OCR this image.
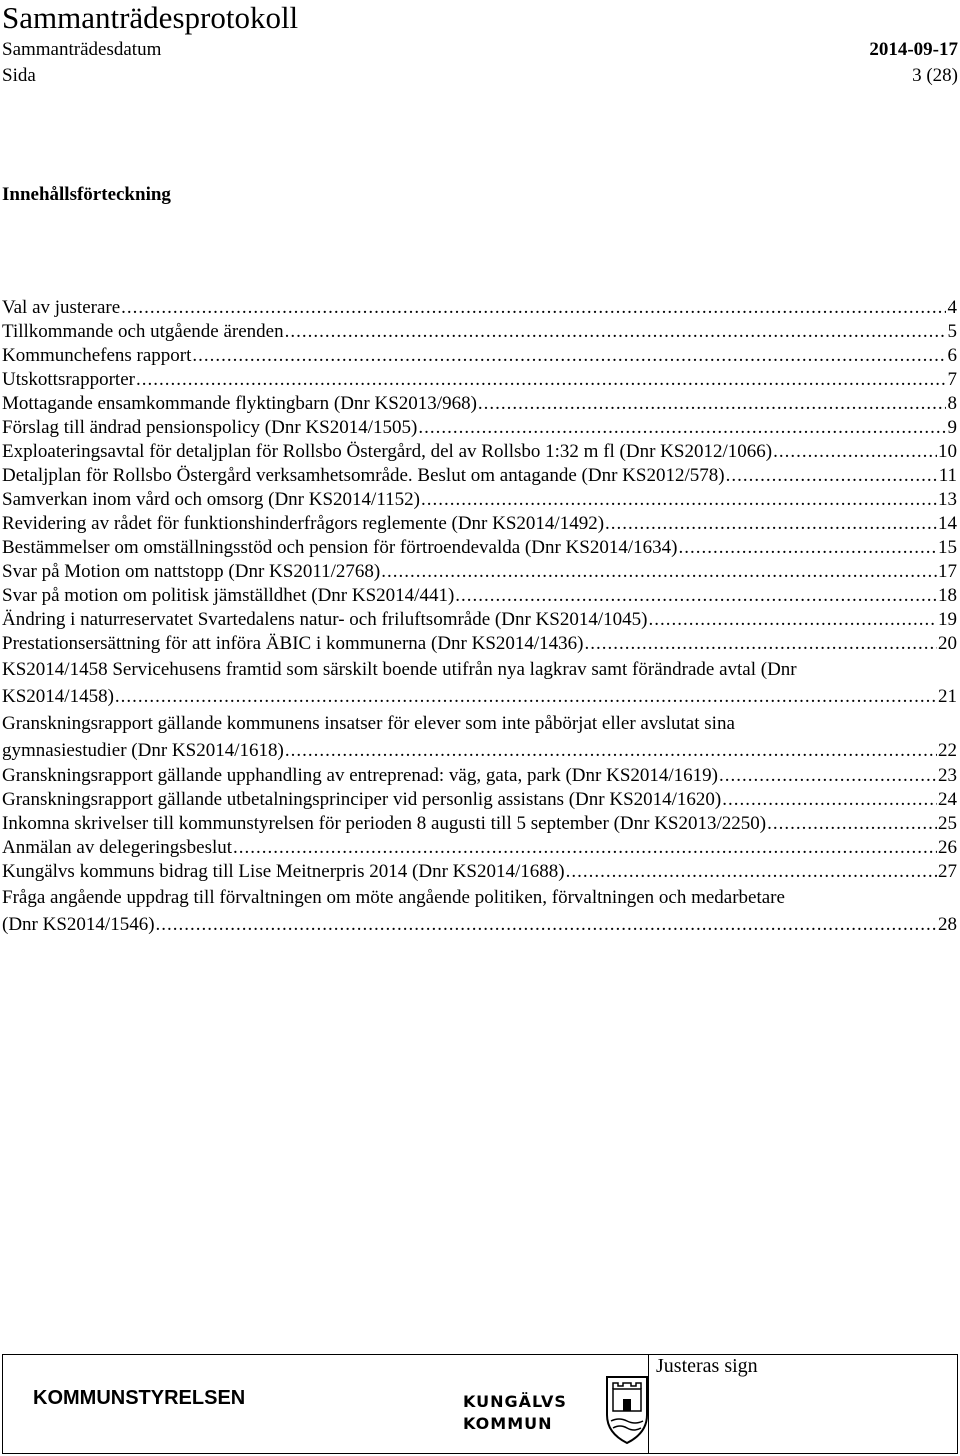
Sammanträdesprotokoll
Sammanträdesdatum	2014-09-17
Sida	3 (28)
Innehållsförteckning
Val av justerare .....	4
Tillkommande och utgående ärenden .....	5
Kommunchefens rapport .....	6
Utskottsrapporter .....	7
Mottagande ensamkommande flyktingbarn (Dnr KS2013/968) .....	8
Förslag till ändrad pensionspolicy (Dnr KS2014/1505) .....	9
Exploateringsavtal för detaljplan för Rollsbo Östergård, del av Rollsbo 1:32 m fl (Dnr KS2012/1066) .....	10
Detaljplan för Rollsbo Östergård verksamhetsområde. Beslut om antagande (Dnr KS2012/578) .....	11
Samverkan inom vård och omsorg (Dnr KS2014/1152) .....	13
Revidering av rådet för funktionshinderfrågors reglemente (Dnr KS2014/1492) .....	14
Bestämmelser om omställningsstöd och pension för förtroendevalda (Dnr KS2014/1634) .....	15
Svar på Motion om nattstopp (Dnr KS2011/2768) .....	17
Svar på motion om politisk jämställdhet (Dnr KS2014/441) .....	18
Ändring i naturreservatet Svartedalens natur- och friluftsområde (Dnr KS2014/1045) .....	19
Prestationsersättning för att införa ÄBIC i kommunerna (Dnr KS2014/1436) .....	20
KS2014/1458 Servicehusens framtid som särskilt boende utifrån nya lagkrav samt förändrade avtal (Dnr
KS2014/1458) .....	21
Granskningsrapport gällande kommunens insatser för elever som inte påbörjat eller avslutat sina
gymnasiestudier (Dnr KS2014/1618) .....	22
Granskningsrapport gällande upphandling av entreprenad: väg, gata, park (Dnr KS2014/1619) .....	23
Granskningsrapport gällande utbetalningsprinciper vid personlig assistans (Dnr KS2014/1620) .....	24
Inkomna skrivelser till kommunstyrelsen för perioden 8 augusti till 5 september (Dnr KS2013/2250) .....	25
Anmälan av delegeringsbeslut .....	26
Kungälvs kommuns bidrag till Lise Meitnerpris 2014 (Dnr KS2014/1688) .....	27
Fråga angående uppdrag till förvaltningen om möte angående politiken, förvaltningen och medarbetare
(Dnr KS2014/1546) .....	28
KOMMUNSTYRELSEN	KUNGÄLVS
KOMMUN
Justeras sign
